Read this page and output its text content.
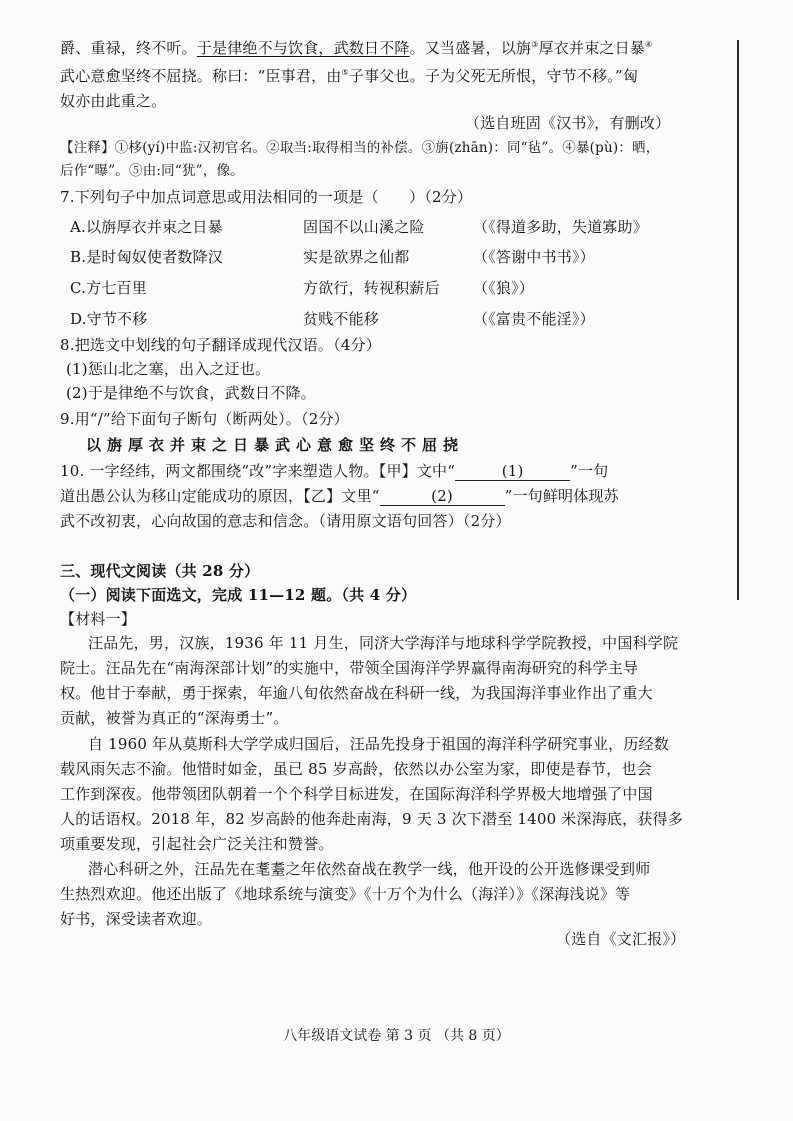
爵、重禄，终不听。于是律绝不与饮食，武数日不降。又当盛暑，以旃③厚衣并束之日暴④
武心意愈坚终不屈挠。称曰：“臣事君，由⑤子事父也。子为父死无所恨，守节不移。”匈
奴亦由此重之。
（选自班固《汉书》，有删改）
【注释】①栘(yí)中监:汉初官名。②取当:取得相当的补偿。③旃(zhān)：同“毡”。④暴(pù)：晒，
后作“曝”。⑤由:同“犹”，像。
7.下列句子中加点词意思或用法相同的一项是（　　）（2分）
A.以旃厚衣并束之日暴	固国不以山溪之险	（《得道多助，失道寡助》
B.是时匈奴使者数降汉	实是欲界之仙都	（《答谢中书书》）
C.方七百里	方欲行，转视积薪后 （《狼》）
D.守节不移	贫贱不能移	（《富贵不能淫》）
8.把选文中划线的句子翻译成现代汉语。（4分）
(1)惩山北之塞，出入之迂也。
(2)于是律绝不与饮食，武数日不降。
9.用“/”给下面句子断句（断两处）。（2分）
以旃厚衣并束之日暴武心意愈坚终不屈挠
10. 一字经纬，两文都围绕“改”字来塑造人物。【甲】文中“	(1)	”一句
道出愚公认为移山定能成功的原因，【乙】文里“	(2)	”一句鲜明体现苏
武不改初衷，心向故国的意志和信念。（请用原文语句回答）（2分）
三、现代文阅读（共 28 分）
（一）阅读下面选文，完成 11—12 题。（共 4 分）
【材料一】
汪品先，男，汉族，1936 年 11 月生，同济大学海洋与地球科学学院教授，中国科学院
院士。汪品先在“南海深部计划”的实施中，带领全国海洋学界赢得南海研究的科学主导
权。他甘于奉献，勇于探索，年逾八旬依然奋战在科研一线，为我国海洋事业作出了重大
贡献，被誉为真正的“深海勇士”。
自 1960 年从莫斯科大学学成归国后，汪品先投身于祖国的海洋科学研究事业，历经数
载风雨矢志不渝。他惜时如金，虽已 85 岁高龄，依然以办公室为家，即使是春节，也会
工作到深夜。他带领团队朝着一个个科学目标进发，在国际海洋科学界极大地增强了中国
人的话语权。2018 年，82 岁高龄的他奔赴南海，9 天 3 次下潜至 1400 米深海底，获得多
项重要发现，引起社会广泛关注和赞誉。
潜心科研之外，汪品先在耄耋之年依然奋战在教学一线，他开设的公开选修课受到师
生热烈欢迎。他还出版了《地球系统与演变》《十万个为什么（海洋）》《深海浅说》等
好书，深受读者欢迎。
（选自《文汇报》）
八年级语文试卷 第 3 页 （共 8 页）
